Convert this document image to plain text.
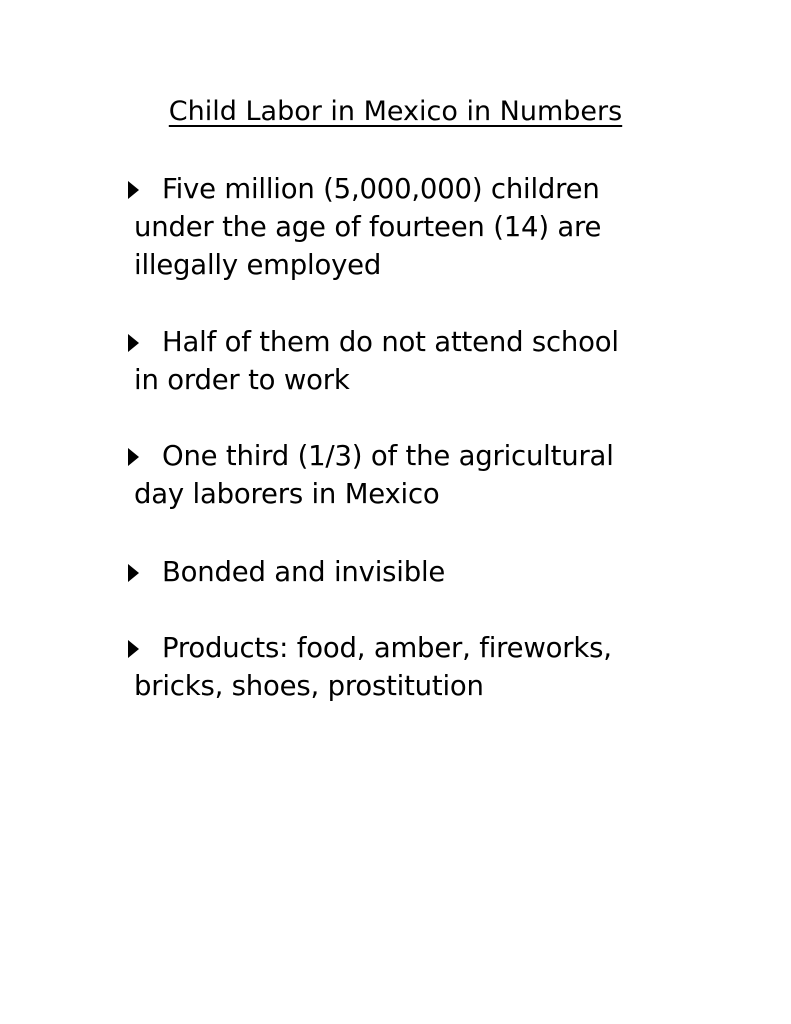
Child Labor in Mexico in Numbers
Five million (5,000,000) children
under the age of fourteen (14) are
illegally employed
Half of them do not attend school
in order to work
One third (1/3) of the agricultural
day laborers in Mexico
Bonded and invisible
Products: food, amber, fireworks,
bricks, shoes, prostitution
